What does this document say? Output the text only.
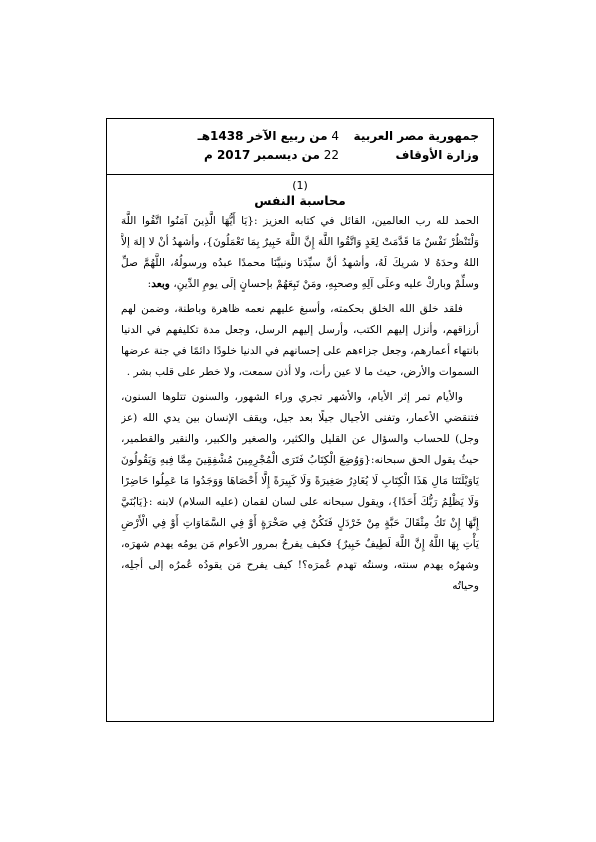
جمهورية مصر العربية
وزارة الأوقاف
4 من ربيع الآخر 1438هـ
22 من ديسمبر 2017 م
(1)
محاسبة النفس

الحمد لله رب العالمين، القائل في كتابه العزيز :{يَا أَيُّهَا الَّذِينَ آمَنُوا اتَّقُوا اللَّهَ وَلْتَنْظُرْ نَفْسٌ مَا قَدَّمَتْ لِغَدٍ وَاتَّقُوا اللَّهَ إِنَّ اللَّهَ خَبِيرٌ بِمَا تَعْمَلُونَ}، وأشهدُ أنْ لا إلهَ إلاَّ اللهُ وحدَهُ لا شريكَ لَهُ، وأشهدُ أنَّ سيِّدَنا ونبيَّنَا محمدًا عبدُه ورسولُهُ، اللَّهُمَّ صلِّ وسلِّمْ وباركْ عليه وعلَى آلِهِ وصحبِهِ، ومَنْ تَبِعَهُمْ بإحسانٍ إلَى يومِ الدِّينِ، وبعد:

فلقد خلق الله الخلق بحكمته، وأسبغ عليهم نعمه ظاهرة وباطنة، وضمن لهم أرزاقهم، وأنزل إليهم الكتب، وأرسل إليهم الرسل، وجعل مدة تكليفهم في الدنيا بانتهاء أعمارهم، وجعل جزاءهم على إحسانهم في الدنيا خلودًا دائمًا في جنة عرضها السموات والأرض، حيث ما لا عين رأت، ولا أذن سمعت، ولا خطر على قلب بشر .

والأيام تمر إثر الأيام، والأشهر تجري وراء الشهور، والسنون تتلوها السنون، فتنقضي الأعمار، وتفنى الأجيال جيلًا بعد جيل، ويقف الإنسان بين يدي الله (عز وجل) للحساب والسؤال عن القليل والكثير، والصغير والكبير، والنقير والقطمير، حيثُ يقول الحق سبحانه:{وَوُضِعَ الْكِتَابُ فَتَرَى الْمُجْرِمِينَ مُشْفِقِينَ مِمَّا فِيهِ وَيَقُولُونَ يَاوَيْلَتَنَا مَالِ هَذَا الْكِتَابِ لَا يُغَادِرُ صَغِيرَةً وَلَا كَبِيرَةً إِلَّا أَحْصَاهَا وَوَجَدُوا مَا عَمِلُوا حَاضِرًا وَلَا يَظْلِمُ رَبُّكَ أَحَدًا}، ويقول سبحانه على لسان لقمان (عليه السلام) لابنه :{يَابُنَيَّ إِنَّهَا إِنْ تَكُ مِثْقَالَ حَبَّةٍ مِنْ خَرْدَلٍ فَتَكُنْ فِي صَخْرَةٍ أَوْ فِي السَّمَاوَاتِ أَوْ فِي الْأَرْضِ يَأْتِ بِهَا اللَّهُ إِنَّ اللَّهَ لَطِيفٌ خَبِيرٌ} فكيف يفرحُ بمرور الأعوام مَن يومُه يهدم شهرَه، وشهرُه يهدم سنته، وسنتُه تهدم عُمرَه؟! كيف يفرح مَن يقودُه عُمرُه إلى أجلِه، وحياتُه
